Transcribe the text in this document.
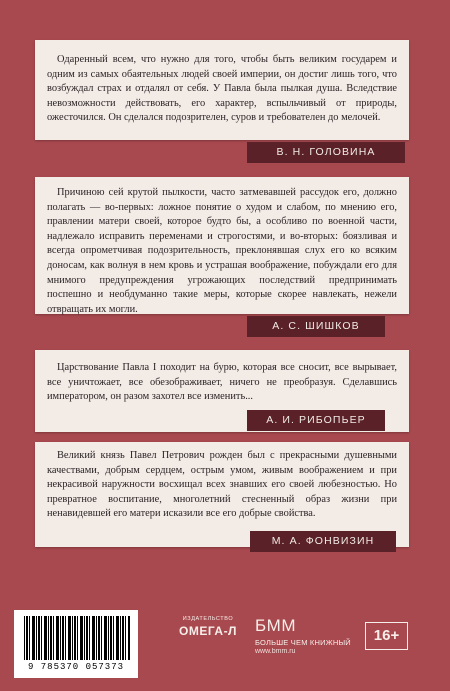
Одаренный всем, что нужно для того, чтобы быть великим государем и одним из самых обаятельных людей своей империи, он достиг лишь того, что возбуждал страх и отдалял от себя. У Павла была пылкая душа. Вследствие невозможности действовать, его характер, вспыльчивый от природы, ожесточился. Он сделался подозрителен, суров и требователен до мелочей.

В. Н. ГОЛОВИНА

Причиною сей крутой пылкости, часто затмевавшей рассудок его, должно полагать — во-первых: ложное понятие о худом и слабом, по мнению его, правлении матери своей, которое будто бы, а особливо по военной части, надлежало исправить переменами и строгостями, и во-вторых: боязливая и всегда опрометчивая подозрительность, преклонявшая слух его ко всяким доносам, как волнуя в нем кровь и устрашая воображение, побуждали его для мнимого предупреждения угрожающих последствий предпринимать поспешно и необдуманно такие меры, которые скорее навлекать, нежели отвращать их могли.

А. С. ШИШКОВ

Царствование Павла I походит на бурю, которая все сносит, все вырывает, все уничтожает, все обезображивает, ничего не преобразуя. Сделавшись императором, он разом захотел все изменить...

А. И. РИБОПЬЕР

Великий князь Павел Петрович рожден был с прекрасными душевными качествами, добрым сердцем, острым умом, живым воображением и при некрасивой наружности восхищал всех знавших его своей любезностью. Но превратное воспитание, многолетний стесненный образ жизни при ненавидевшей его матери исказили все его добрые свойства.

М. А. ФОНВИЗИН
9 785370 057373
ИЗДАТЕЛЬСТВО
ОМЕГА-Л	БММ
БОЛЬШЕ ЧЕМ КНИЖНЫЙ
www.bmm.ru
16+
